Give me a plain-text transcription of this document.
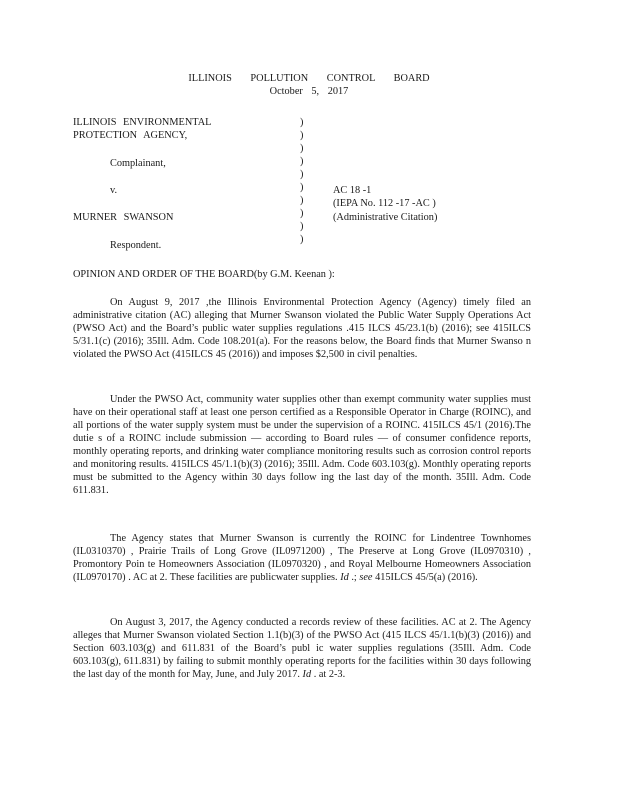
ILLINOIS POLLUTION CONTROL BOARD
October 5, 2017
ILLINOIS ENVIRONMENTAL
PROTECTION AGENCY,
Complainant,
v.
MURNER SWANSON
Respondent.
)
)
)
)
)
)
)
)
)
)
AC 18 -1
(IEPA No. 112 -17 -AC )
(Administrative Citation)
OPINION AND ORDER OF THE BOARD(by G.M. Keenan ):

On August 9, 2017 ,the Illinois Environmental Protection Agency (Agency) timely filed an administrative citation (AC) alleging that Murner Swanson violated the Public Water Supply Operations Act (PWSO Act) and the Board’s public water supplies regulations .415 ILCS 45/23.1(b) (2016); see 415ILCS 5/31.1(c) (2016); 35Ill. Adm. Code 108.201(a). For the reasons below, the Board finds that Murner Swanso n violated the PWSO Act (415ILCS 45 (2016)) and imposes $2,500 in civil penalties.

Under the PWSO Act, community water supplies other than exempt community water supplies must have on their operational staff at least one person certified as a Responsible Operator in Charge (ROINC), and all portions of the water supply system must be under the supervision of a ROINC. 415ILCS 45/1 (2016).The dutie s of a ROINC include submission — according to Board rules — of consumer confidence reports, monthly operating reports, and drinking water compliance monitoring results such as corrosion control reports and monitoring results. 415ILCS 45/1.1(b)(3) (2016); 35Ill. Adm. Code 603.103(g). Monthly operating reports must be submitted to the Agency within 30 days follow ing the last day of the month. 35Ill. Adm. Code 611.831.

The Agency states that Murner Swanson is currently the ROINC for Lindentree Townhomes (IL0310370) , Prairie Trails of Long Grove (IL0971200) , The Preserve at Long Grove (IL0970310) , Promontory Poin te Homeowners Association (IL0970320) , and Royal Melbourne Homeowners Association (IL0970170) . AC at 2. These facilities are publicwater supplies. Id .; see 415ILCS 45/5(a) (2016).

On August 3, 2017, the Agency conducted a records review of these facilities. AC at 2. The Agency alleges that Murner Swanson violated Section 1.1(b)(3) of the PWSO Act (415 ILCS 45/1.1(b)(3) (2016)) and Section 603.103(g) and 611.831 of the Board’s publ ic water supplies regulations (35Ill. Adm. Code 603.103(g), 611.831) by failing to submit monthly operating reports for the facilities within 30 days following the last day of the month for May, June, and July 2017. Id . at 2-3.
